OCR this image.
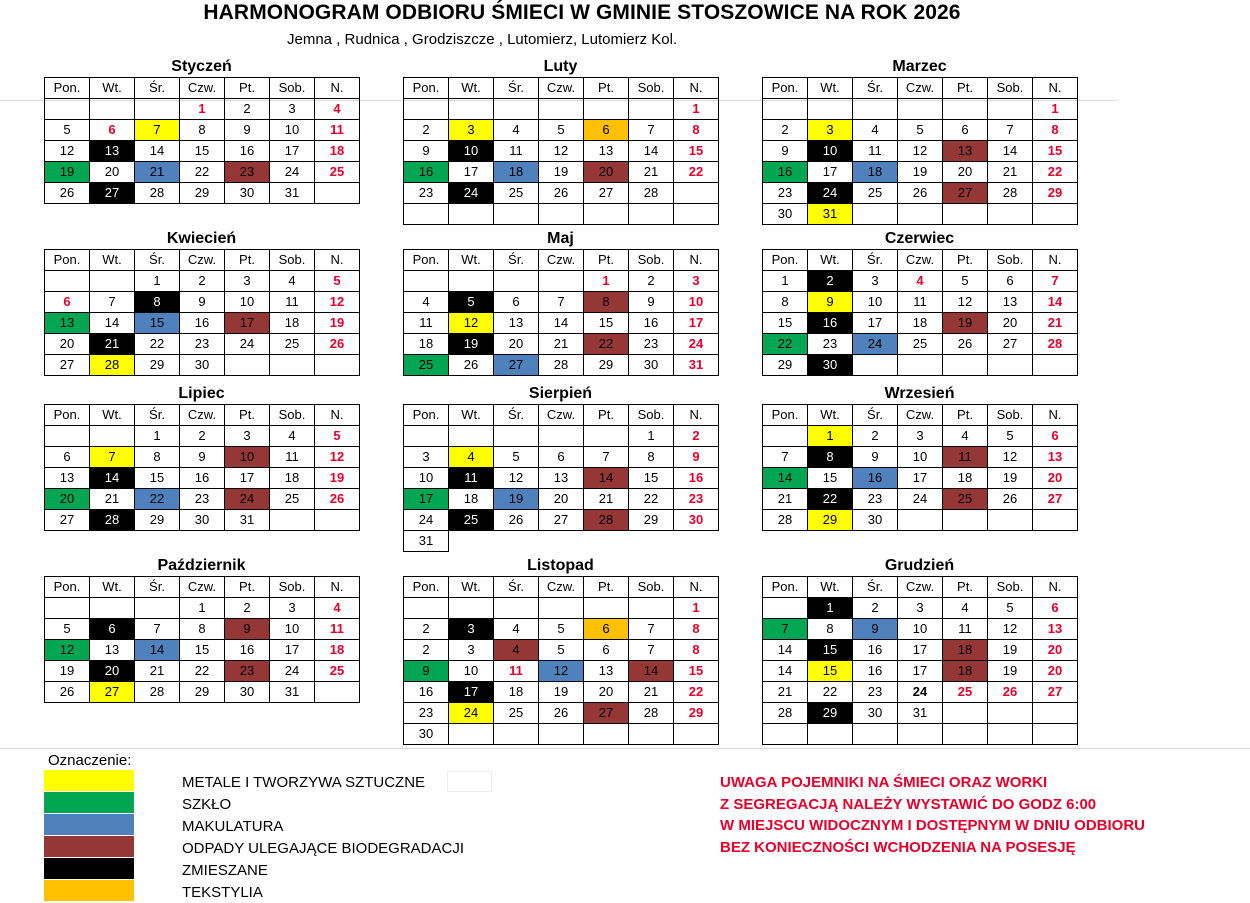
HARMONOGRAM ODBIORU ŚMIECI W GMINIE STOSZOWICE NA ROK 2026
Jemna , Rudnica , Grodziszcze , Lutomierz, Lutomierz Kol.
Styczeń
Pon.	Wt.	Śr.	Czw.	Pt.	Sob.	N.
			1	2	3	4
5	6	7	8	9	10	11
12	13	14	15	16	17	18
19	20	21	22	23	24	25
26	27	28	29	30	31	
Luty
Pon.	Wt.	Śr.	Czw.	Pt.	Sob.	N.
						1
2	3	4	5	6	7	8
9	10	11	12	13	14	15
16	17	18	19	20	21	22
23	24	25	26	27	28	

Marzec
Pon.	Wt.	Śr.	Czw.	Pt.	Sob.	N.
						1
2	3	4	5	6	7	8
9	10	11	12	13	14	15
16	17	18	19	20	21	22
23	24	25	26	27	28	29
30	31					
Kwiecień
Pon.	Wt.	Śr.	Czw.	Pt.	Sob.	N.
		1	2	3	4	5
6	7	8	9	10	11	12
13	14	15	16	17	18	19
20	21	22	23	24	25	26
27	28	29	30			
Maj
Pon.	Wt.	Śr.	Czw.	Pt.	Sob.	N.
				1	2	3
4	5	6	7	8	9	10
11	12	13	14	15	16	17
18	19	20	21	22	23	24
25	26	27	28	29	30	31
Czerwiec
Pon.	Wt.	Śr.	Czw.	Pt.	Sob.	N.
1	2	3	4	5	6	7
8	9	10	11	12	13	14
15	16	17	18	19	20	21
22	23	24	25	26	27	28
29	30					
Lipiec
Pon.	Wt.	Śr.	Czw.	Pt.	Sob.	N.
		1	2	3	4	5
6	7	8	9	10	11	12
13	14	15	16	17	18	19
20	21	22	23	24	25	26
27	28	29	30	31		
Sierpień
Pon.	Wt.	Śr.	Czw.	Pt.	Sob.	N.
					1	2
3	4	5	6	7	8	9
10	11	12	13	14	15	16
17	18	19	20	21	22	23
24	25	26	27	28	29	30
31						
Wrzesień
Pon.	Wt.	Śr.	Czw.	Pt.	Sob.	N.
	1	2	3	4	5	6
7	8	9	10	11	12	13
14	15	16	17	18	19	20
21	22	23	24	25	26	27
28	29	30				
Październik
Pon.	Wt.	Śr.	Czw.	Pt.	Sob.	N.
			1	2	3	4
5	6	7	8	9	10	11
12	13	14	15	16	17	18
19	20	21	22	23	24	25
26	27	28	29	30	31	
Listopad
Pon.	Wt.	Śr.	Czw.	Pt.	Sob.	N.
						1
2	3	4	5	6	7	8
2	3	4	5	6	7	8
9	10	11	12	13	14	15
16	17	18	19	20	21	22
23	24	25	26	27	28	29
30						
Grudzień
Pon.	Wt.	Śr.	Czw.	Pt.	Sob.	N.
	1	2	3	4	5	6
7	8	9	10	11	12	13
14	15	16	17	18	19	20
14	15	16	17	18	19	20
21	22	23	24	25	26	27
28	29	30	31			

Oznaczenie:
METALE I TWORZYWA SZTUCZNE
SZKŁO
MAKULATURA
ODPADY ULEGAJĄCE BIODEGRADACJI
ZMIESZANE
TEKSTYLIA
UWAGA POJEMNIKI NA ŚMIECI ORAZ WORKI
Z SEGREGACJĄ NALEŻY WYSTAWIĆ DO GODZ 6:00
W MIEJSCU WIDOCZNYM I DOSTĘPNYM W DNIU ODBIORU
BEZ KONIECZNOŚCI WCHODZENIA NA POSESJĘ
